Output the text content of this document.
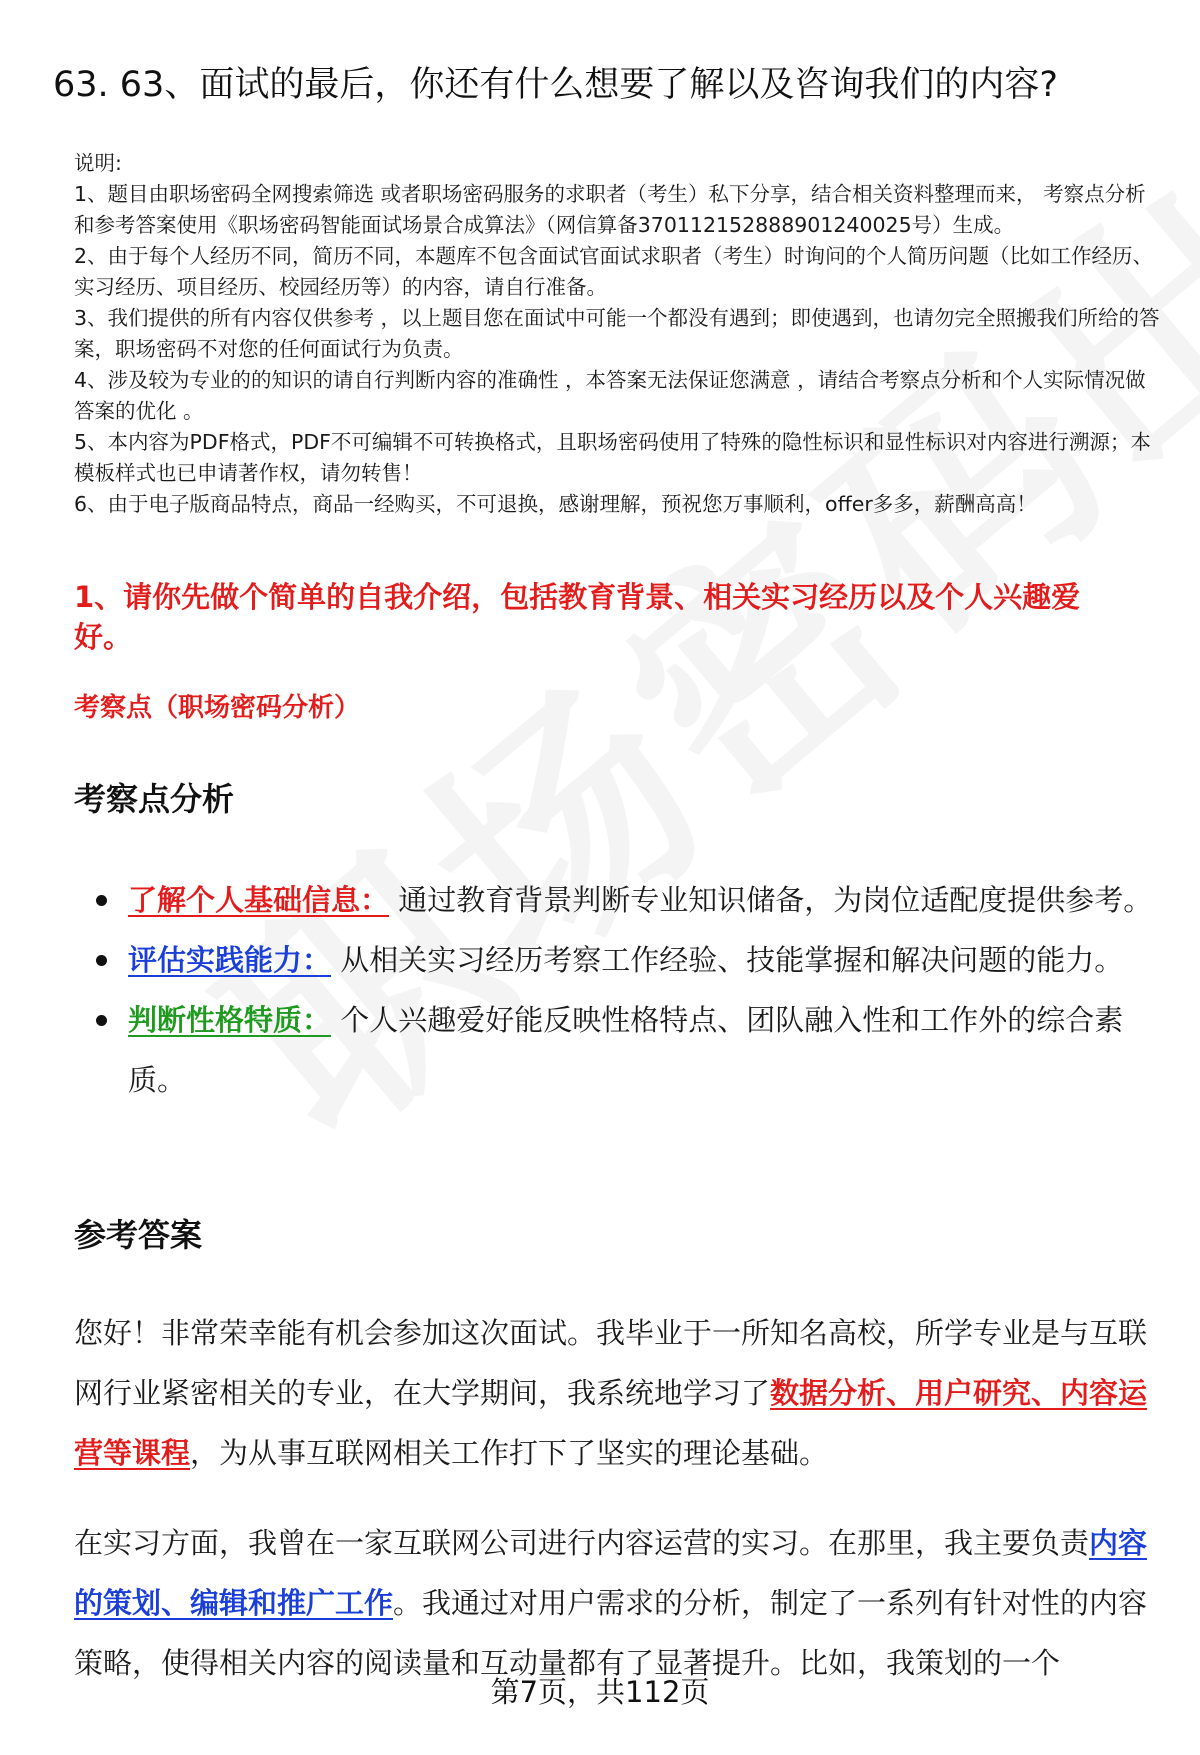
63. 63、面试的最后，你还有什么想要了解以及咨询我们的内容?

说明:

1、题目由职场密码全网搜索筛选 或者职场密码服务的求职者（考生）私下分享，结合相关资料整理而来， 考察点分析和参考答案使用《职场密码智能面试场景合成算法》（网信算备370112152888901240025号）生成。

2、由于每个人经历不同，简历不同，本题库不包含面试官面试求职者（考生）时询问的个人简历问题（比如工作经历、实习经历、项目经历、校园经历等）的内容，请自行准备。

3、我们提供的所有内容仅供参考 ，以上题目您在面试中可能一个都没有遇到；即使遇到，也请勿完全照搬我们所给的答案，职场密码不对您的任何面试行为负责。

4、涉及较为专业的的知识的请自行判断内容的准确性 ，本答案无法保证您满意 ，请结合考察点分析和个人实际情况做答案的优化 。

5、本内容为PDF格式，PDF不可编辑不可转换格式，且职场密码使用了特殊的隐性标识和显性标识对内容进行溯源；本模板样式也已申请著作权，请勿转售！

6、由于电子版商品特点，商品一经购买，不可退换，感谢理解，预祝您万事顺利，offer多多，薪酬高高！

1、请你先做个简单的自我介绍，包括教育背景、相关实习经历以及个人兴趣爱好。
考察点（职场密码分析）
考察点分析
了解个人基础信息： 通过教育背景判断专业知识储备，为岗位适配度提供参考。
评估实践能力： 从相关实习经历考察工作经验、技能掌握和解决问题的能力。
判断性格特质： 个人兴趣爱好能反映性格特点、团队融入性和工作外的综合素质。
参考答案

您好！非常荣幸能有机会参加这次面试。我毕业于一所知名高校，所学专业是与互联网行业紧密相关的专业，在大学期间，我系统地学习了数据分析、用户研究、内容运营等课程，为从事互联网相关工作打下了坚实的理论基础。

在实习方面，我曾在一家互联网公司进行内容运营的实习。在那里，我主要负责内容的策划、编辑和推广工作。我通过对用户需求的分析，制定了一系列有针对性的内容策略，使得相关内容的阅读量和互动量都有了显著提升。比如，我策划的一个

第7页，共112页
